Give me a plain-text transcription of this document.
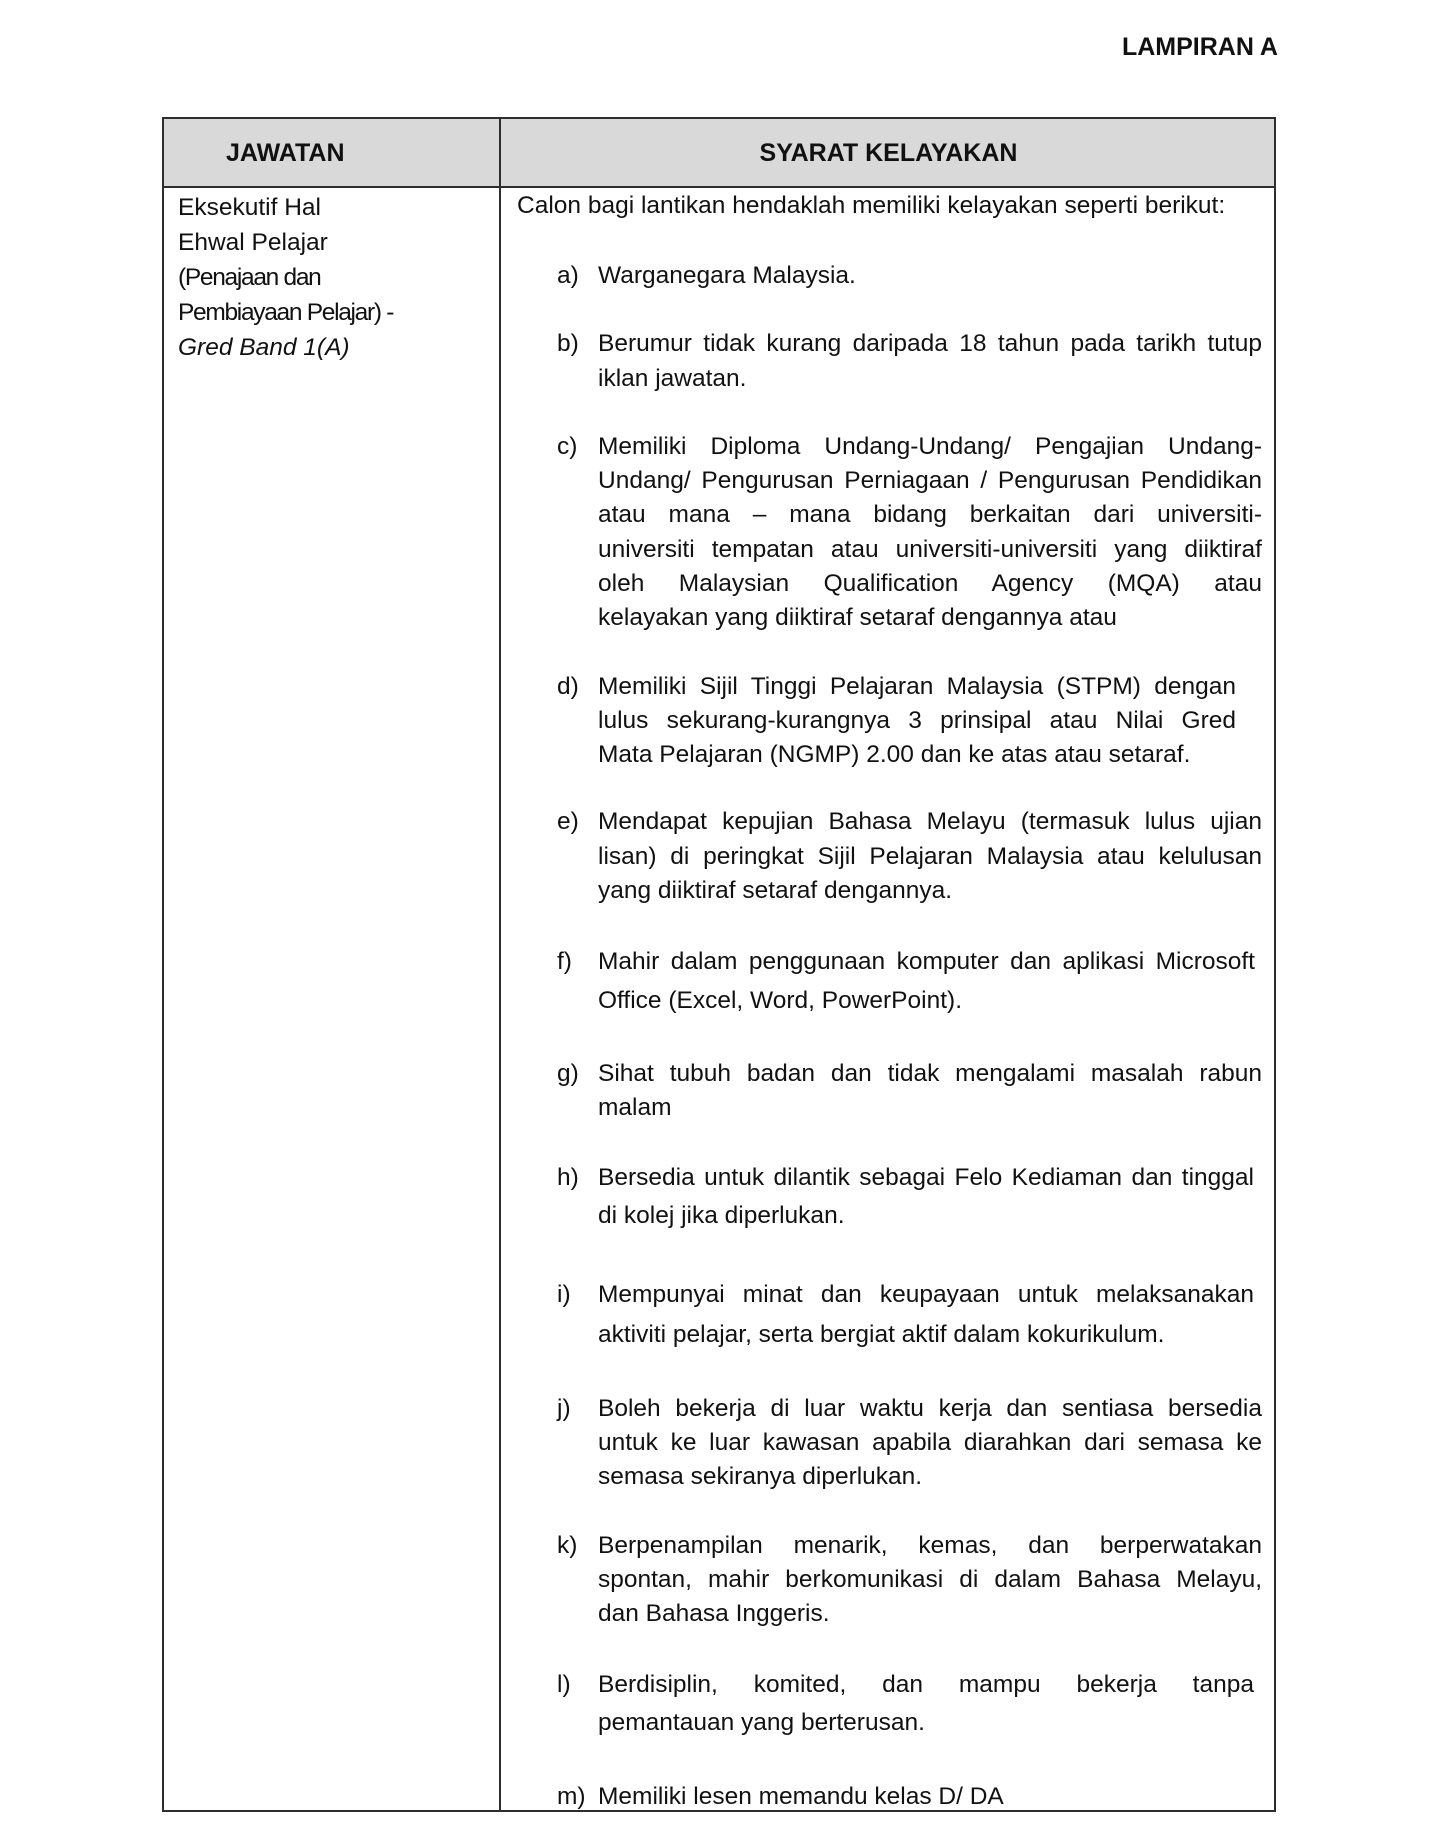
LAMPIRAN A
JAWATAN	SYARAT KELAYAKAN
Eksekutif Hal
Ehwal Pelajar
(Penajaan dan
Pembiayaan Pelajar) -
Gred Band 1(A)
Calon bagi lantikan hendaklah memiliki kelayakan seperti berikut:
a) Warganegara Malaysia.
b) Berumur tidak kurang daripada 18 tahun pada tarikh tutup
iklan jawatan.
c) Memiliki Diploma Undang-Undang/ Pengajian Undang-
Undang/ Pengurusan Perniagaan / Pengurusan Pendidikan
atau mana – mana bidang berkaitan dari universiti-
universiti tempatan atau universiti-universiti yang diiktiraf
oleh Malaysian Qualification Agency (MQA) atau
kelayakan yang diiktiraf setaraf dengannya atau
d) Memiliki Sijil Tinggi Pelajaran Malaysia (STPM) dengan
lulus sekurang-kurangnya 3 prinsipal atau Nilai Gred
Mata Pelajaran (NGMP) 2.00 dan ke atas atau setaraf.
e) Mendapat kepujian Bahasa Melayu (termasuk lulus ujian
lisan) di peringkat Sijil Pelajaran Malaysia atau kelulusan
yang diiktiraf setaraf dengannya.
f) Mahir dalam penggunaan komputer dan aplikasi Microsoft
Office (Excel, Word, PowerPoint).
g) Sihat tubuh badan dan tidak mengalami masalah rabun
malam
h) Bersedia untuk dilantik sebagai Felo Kediaman dan tinggal
di kolej jika diperlukan.
i) Mempunyai minat dan keupayaan untuk melaksanakan
aktiviti pelajar, serta bergiat aktif dalam kokurikulum.
j) Boleh bekerja di luar waktu kerja dan sentiasa bersedia
untuk ke luar kawasan apabila diarahkan dari semasa ke
semasa sekiranya diperlukan.
k) Berpenampilan menarik, kemas, dan berperwatakan
spontan, mahir berkomunikasi di dalam Bahasa Melayu,
dan Bahasa Inggeris.
l) Berdisiplin, komited, dan mampu bekerja tanpa
pemantauan yang berterusan.
m) Memiliki lesen memandu kelas D/ DA
